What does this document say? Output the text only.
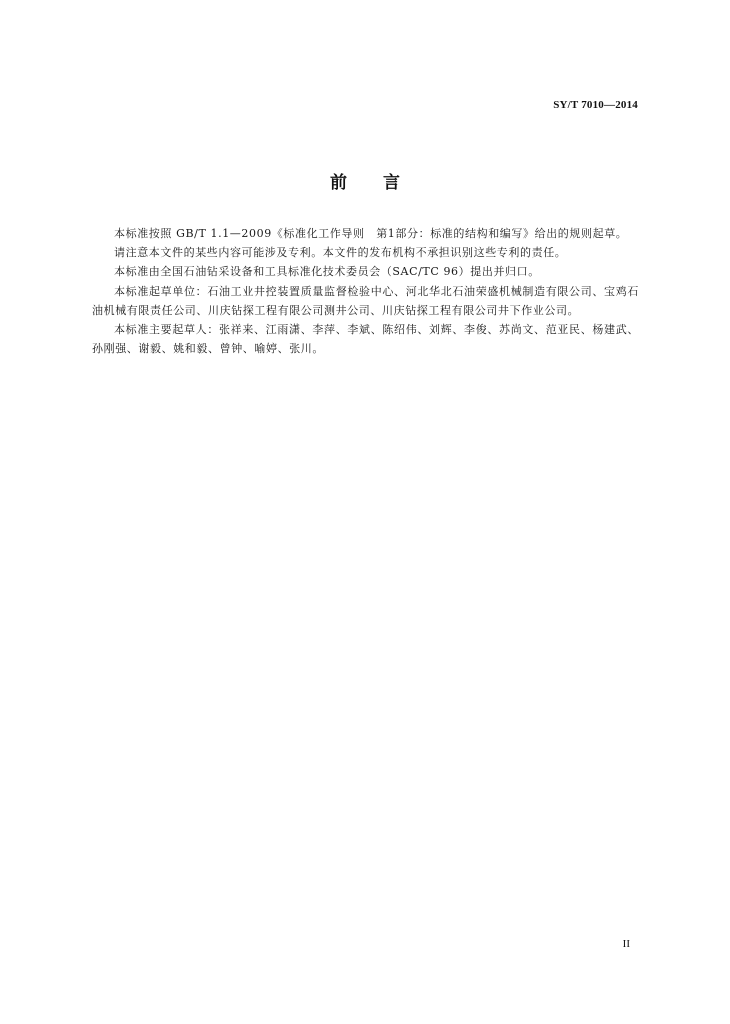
SY/T 7010—2014
前 言

本标准按照 GB/T 1.1—2009《标准化工作导则　第1部分：标准的结构和编写》给出的规则起草。

请注意本文件的某些内容可能涉及专利。本文件的发布机构不承担识别这些专利的责任。

本标准由全国石油钻采设备和工具标准化技术委员会（SAC/TC 96）提出并归口。

本标准起草单位：石油工业井控装置质量监督检验中心、河北华北石油荣盛机械制造有限公司、宝鸡石油机械有限责任公司、川庆钻探工程有限公司测井公司、川庆钻探工程有限公司井下作业公司。

本标准主要起草人：张祥来、江雨潇、李萍、李斌、陈绍伟、刘辉、李俊、苏尚文、范亚民、杨建武、孙刚强、谢毅、姚和毅、曾钟、喻婷、张川。

II
